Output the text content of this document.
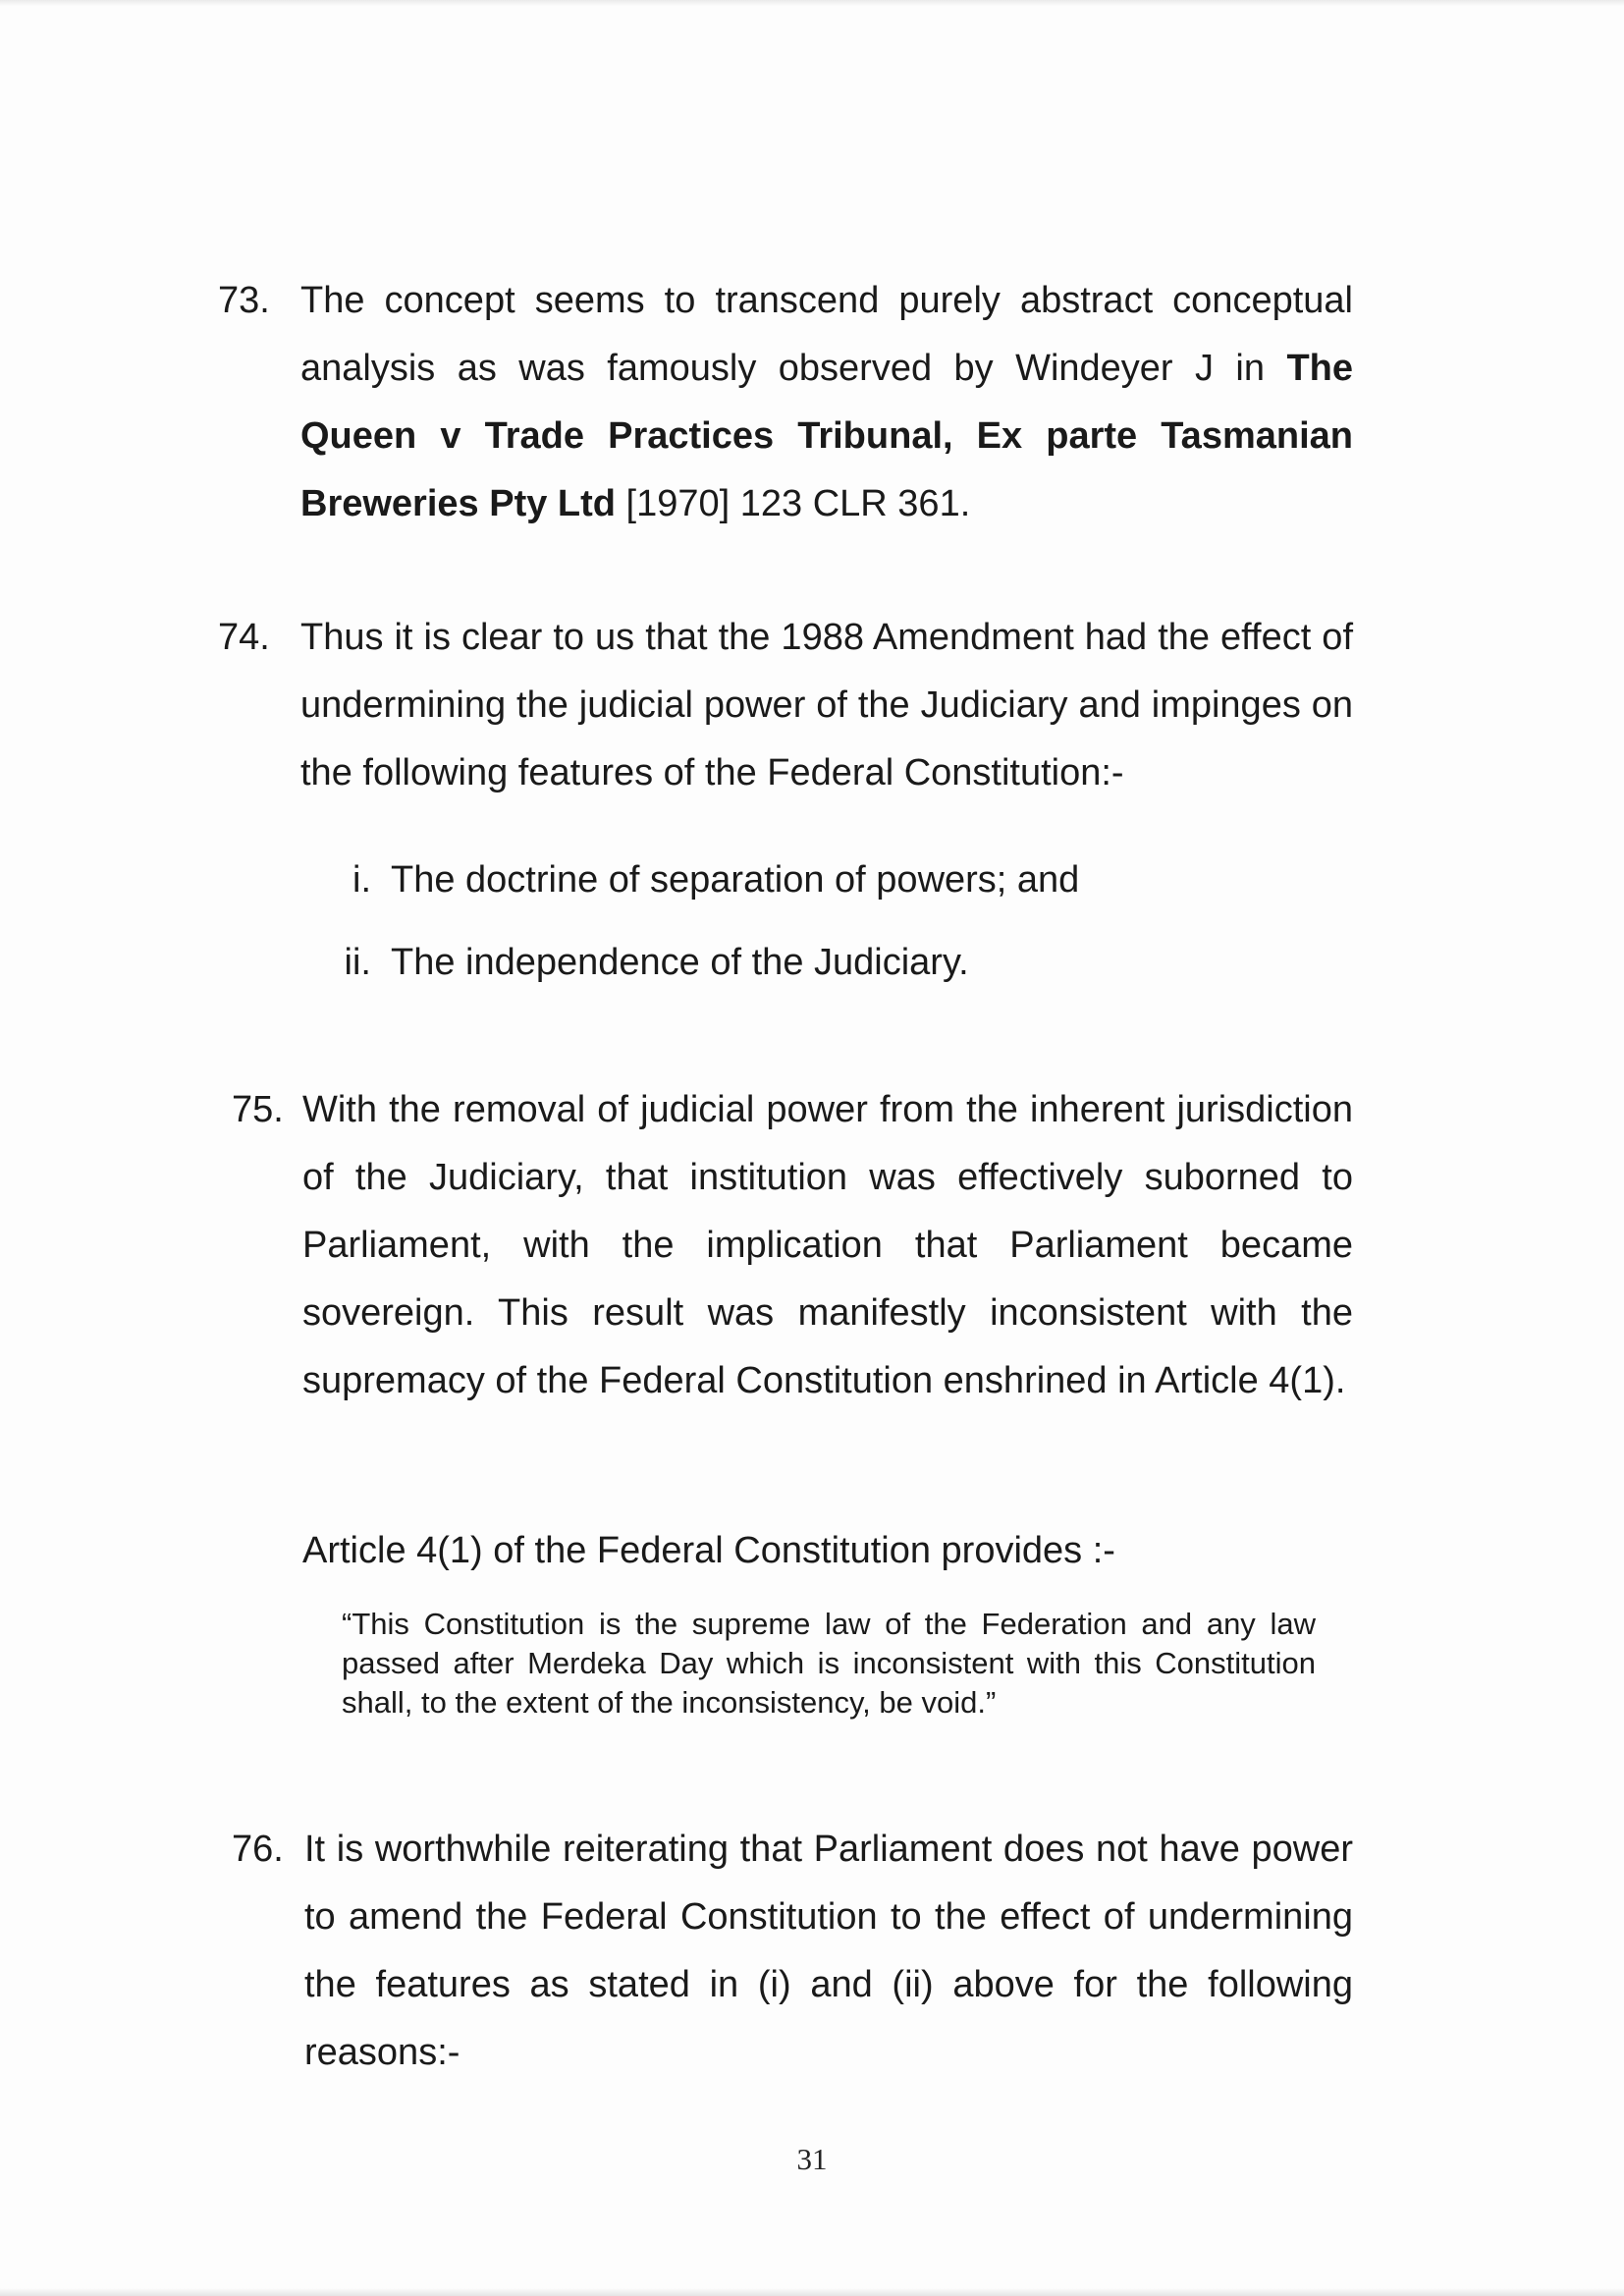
73. The concept seems to transcend purely abstract conceptual analysis as was famously observed by Windeyer J in The Queen v Trade Practices Tribunal, Ex parte Tasmanian Breweries Pty Ltd [1970] 123 CLR 361.

74. Thus it is clear to us that the 1988 Amendment had the effect of undermining the judicial power of the Judiciary and impinges on the following features of the Federal Constitution:-

i. The doctrine of separation of powers; and
ii. The independence of the Judiciary.
75. With the removal of judicial power from the inherent jurisdiction of the Judiciary, that institution was effectively suborned to Parliament, with the implication that Parliament became sovereign. This result was manifestly inconsistent with the supremacy of the Federal Constitution enshrined in Article 4(1).

Article 4(1) of the Federal Constitution provides :-

“This Constitution is the supreme law of the Federation and any law passed after Merdeka Day which is inconsistent with this Constitution shall, to the extent of the inconsistency, be void.”

76. It is worthwhile reiterating that Parliament does not have power to amend the Federal Constitution to the effect of undermining the features as stated in (i) and (ii) above for the following reasons:-

31
